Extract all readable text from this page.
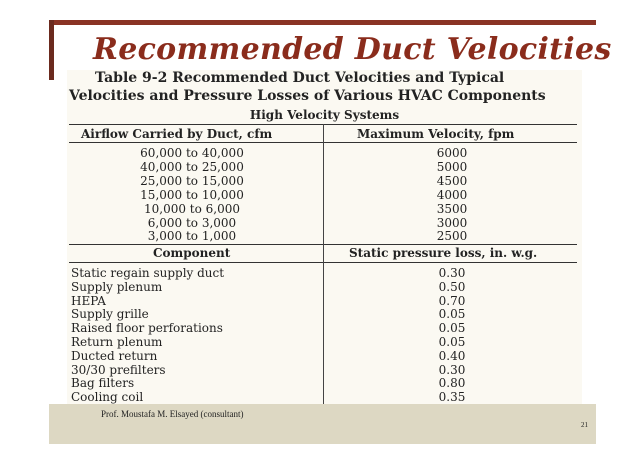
Recommended Duct Velocities
Table 9-2 Recommended Duct Velocities and Typical
Velocities and Pressure Losses of Various HVAC Components
High Velocity Systems
Airflow Carried by Duct, cfm	Maximum Velocity, fpm
60,000 to 40,000	6000
40,000 to 25,000	5000
25,000 to 15,000	4500
15,000 to 10,000	4000
10,000 to 6,000	3500
6,000 to 3,000	3000
3,000 to 1,000	2500
Component	Static pressure loss, in. w.g.
Static regain supply duct	0.30
Supply plenum	0.50
HEPA	0.70
Supply grille	0.05
Raised floor perforations	0.05
Return plenum	0.05
Ducted return	0.40
30/30 prefilters	0.30
Bag filters	0.80
Cooling coil	0.35
Prof. Moustafa M. Elsayed (consultant)
21
